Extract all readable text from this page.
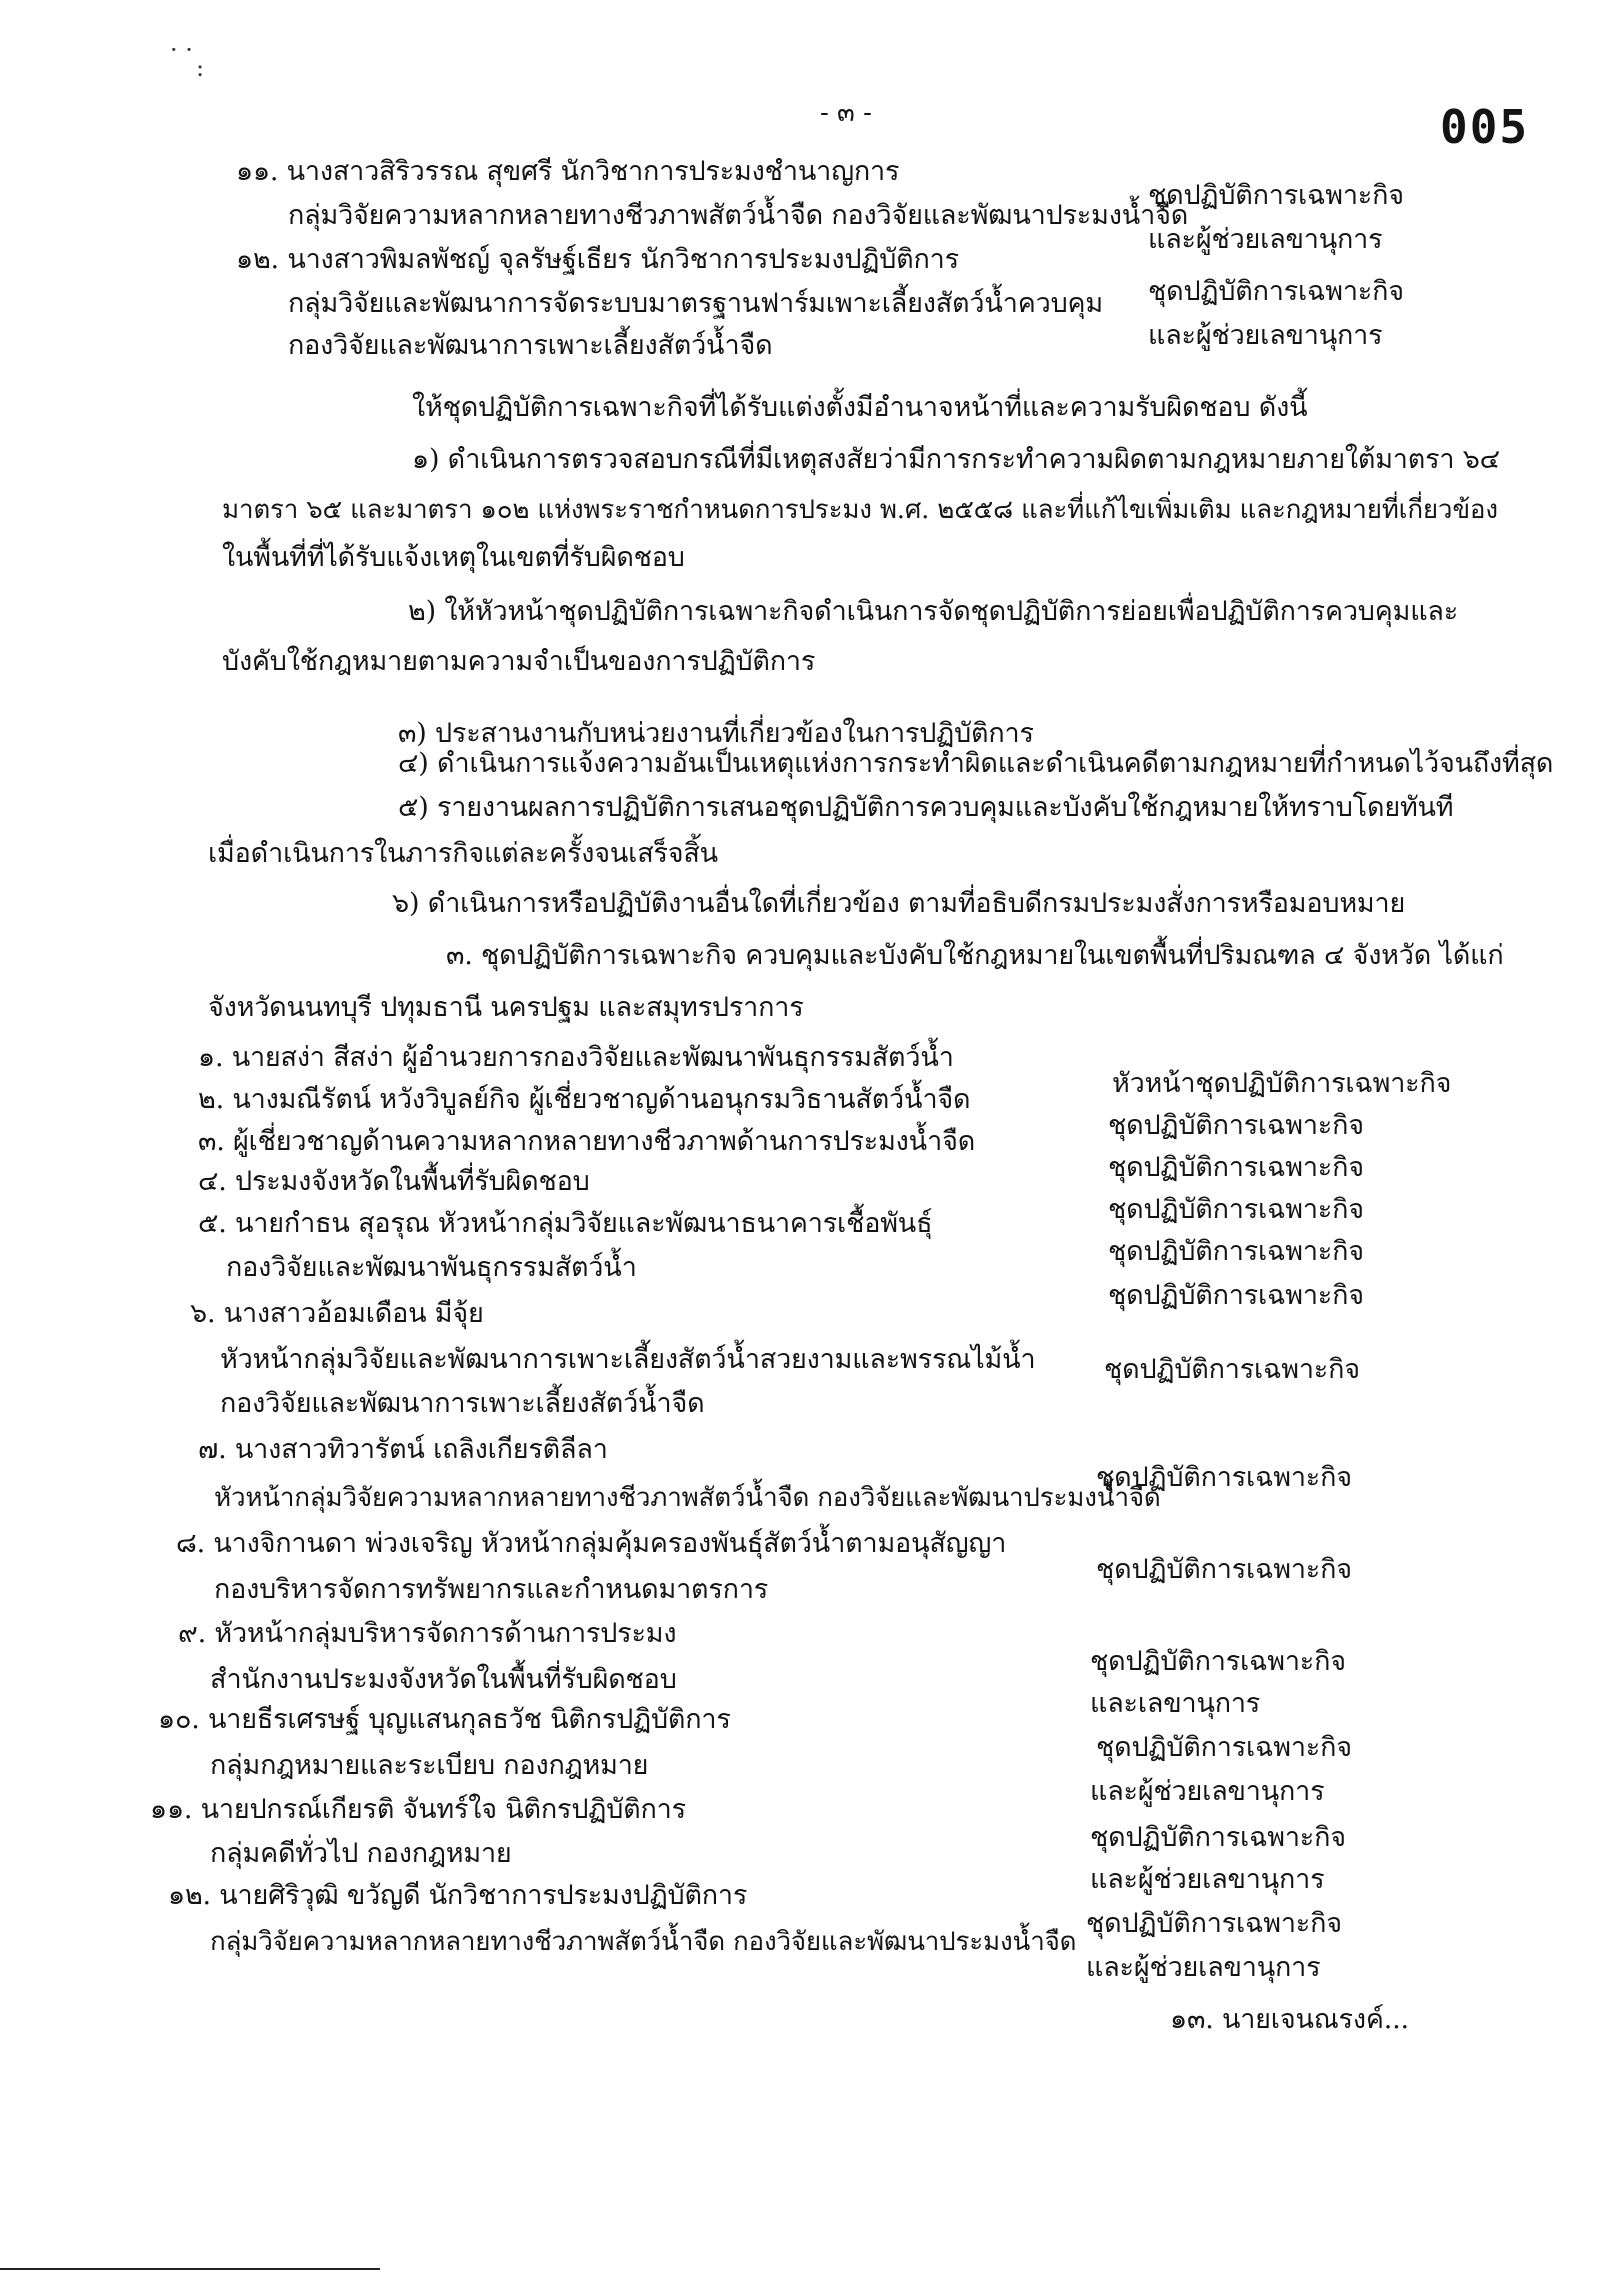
· ·
:
- ๓ -	005
๑๑. นางสาวสิริวรรณ สุขศรี นักวิชาการประมงชำนาญการ
กลุ่มวิจัยความหลากหลายทางชีวภาพสัตว์น้ำจืด กองวิจัยและพัฒนาประมงน้ำจืด
ชุดปฏิบัติการเฉพาะกิจ
และผู้ช่วยเลขานุการ
๑๒. นางสาวพิมลพัชญ์ จุลรัษฐ์เธียร นักวิชาการประมงปฏิบัติการ
กลุ่มวิจัยและพัฒนาการจัดระบบมาตรฐานฟาร์มเพาะเลี้ยงสัตว์น้ำควบคุม
กองวิจัยและพัฒนาการเพาะเลี้ยงสัตว์น้ำจืด
ชุดปฏิบัติการเฉพาะกิจ
และผู้ช่วยเลขานุการ
ให้ชุดปฏิบัติการเฉพาะกิจที่ได้รับแต่งตั้งมีอำนาจหน้าที่และความรับผิดชอบ ดังนี้
๑) ดำเนินการตรวจสอบกรณีที่มีเหตุสงสัยว่ามีการกระทำความผิดตามกฎหมายภายใต้มาตรา ๖๔
มาตรา ๖๕ และมาตรา ๑๐๒ แห่งพระราชกำหนดการประมง พ.ศ. ๒๕๕๘ และที่แก้ไขเพิ่มเติม และกฎหมายที่เกี่ยวข้อง
ในพื้นที่ที่ได้รับแจ้งเหตุในเขตที่รับผิดชอบ
๒) ให้หัวหน้าชุดปฏิบัติการเฉพาะกิจดำเนินการจัดชุดปฏิบัติการย่อยเพื่อปฏิบัติการควบคุมและ
บังคับใช้กฎหมายตามความจำเป็นของการปฏิบัติการ
๓) ประสานงานกับหน่วยงานที่เกี่ยวข้องในการปฏิบัติการ
๔) ดำเนินการแจ้งความอันเป็นเหตุแห่งการกระทำผิดและดำเนินคดีตามกฎหมายที่กำหนดไว้จนถึงที่สุด
๕) รายงานผลการปฏิบัติการเสนอชุดปฏิบัติการควบคุมและบังคับใช้กฎหมายให้ทราบโดยทันที
เมื่อดำเนินการในภารกิจแต่ละครั้งจนเสร็จสิ้น
๖) ดำเนินการหรือปฏิบัติงานอื่นใดที่เกี่ยวข้อง ตามที่อธิบดีกรมประมงสั่งการหรือมอบหมาย
๓. ชุดปฏิบัติการเฉพาะกิจ ควบคุมและบังคับใช้กฎหมายในเขตพื้นที่ปริมณฑล ๔ จังหวัด ได้แก่
จังหวัดนนทบุรี ปทุมธานี นครปฐม และสมุทรปราการ
๑. นายสง่า สีสง่า ผู้อำนวยการกองวิจัยและพัฒนาพันธุกรรมสัตว์น้ำ
หัวหน้าชุดปฏิบัติการเฉพาะกิจ
๒. นางมณีรัตน์ หวังวิบูลย์กิจ ผู้เชี่ยวชาญด้านอนุกรมวิธานสัตว์น้ำจืด
ชุดปฏิบัติการเฉพาะกิจ
๓. ผู้เชี่ยวชาญด้านความหลากหลายทางชีวภาพด้านการประมงน้ำจืด
ชุดปฏิบัติการเฉพาะกิจ
๔. ประมงจังหวัดในพื้นที่รับผิดชอบ
ชุดปฏิบัติการเฉพาะกิจ
๕. นายกำธน สุอรุณ หัวหน้ากลุ่มวิจัยและพัฒนาธนาคารเชื้อพันธุ์
กองวิจัยและพัฒนาพันธุกรรมสัตว์น้ำ
ชุดปฏิบัติการเฉพาะกิจ
ชุดปฏิบัติการเฉพาะกิจ
๖. นางสาวอ้อมเดือน มีจุ้ย
หัวหน้ากลุ่มวิจัยและพัฒนาการเพาะเลี้ยงสัตว์น้ำสวยงามและพรรณไม้น้ำ
กองวิจัยและพัฒนาการเพาะเลี้ยงสัตว์น้ำจืด
ชุดปฏิบัติการเฉพาะกิจ
๗. นางสาวทิวารัตน์ เถลิงเกียรติลีลา
หัวหน้ากลุ่มวิจัยความหลากหลายทางชีวภาพสัตว์น้ำจืด กองวิจัยและพัฒนาประมงน้ำจืด
ชุดปฏิบัติการเฉพาะกิจ
๘. นางจิกานดา พ่วงเจริญ หัวหน้ากลุ่มคุ้มครองพันธุ์สัตว์น้ำตามอนุสัญญา
กองบริหารจัดการทรัพยากรและกำหนดมาตรการ
ชุดปฏิบัติการเฉพาะกิจ
๙. หัวหน้ากลุ่มบริหารจัดการด้านการประมง
สำนักงานประมงจังหวัดในพื้นที่รับผิดชอบ
ชุดปฏิบัติการเฉพาะกิจ
และเลขานุการ
๑๐. นายธีรเศรษฐ์ บุญแสนกุลธวัช นิติกรปฏิบัติการ
กลุ่มกฎหมายและระเบียบ กองกฎหมาย
ชุดปฏิบัติการเฉพาะกิจ
และผู้ช่วยเลขานุการ
๑๑. นายปกรณ์เกียรติ จันทร์ใจ นิติกรปฏิบัติการ
กลุ่มคดีทั่วไป กองกฎหมาย
ชุดปฏิบัติการเฉพาะกิจ
และผู้ช่วยเลขานุการ
๑๒. นายศิริวุฒิ ขวัญดี นักวิชาการประมงปฏิบัติการ
กลุ่มวิจัยความหลากหลายทางชีวภาพสัตว์น้ำจืด กองวิจัยและพัฒนาประมงน้ำจืด
ชุดปฏิบัติการเฉพาะกิจ
และผู้ช่วยเลขานุการ
๑๓. นายเจนณรงค์...
